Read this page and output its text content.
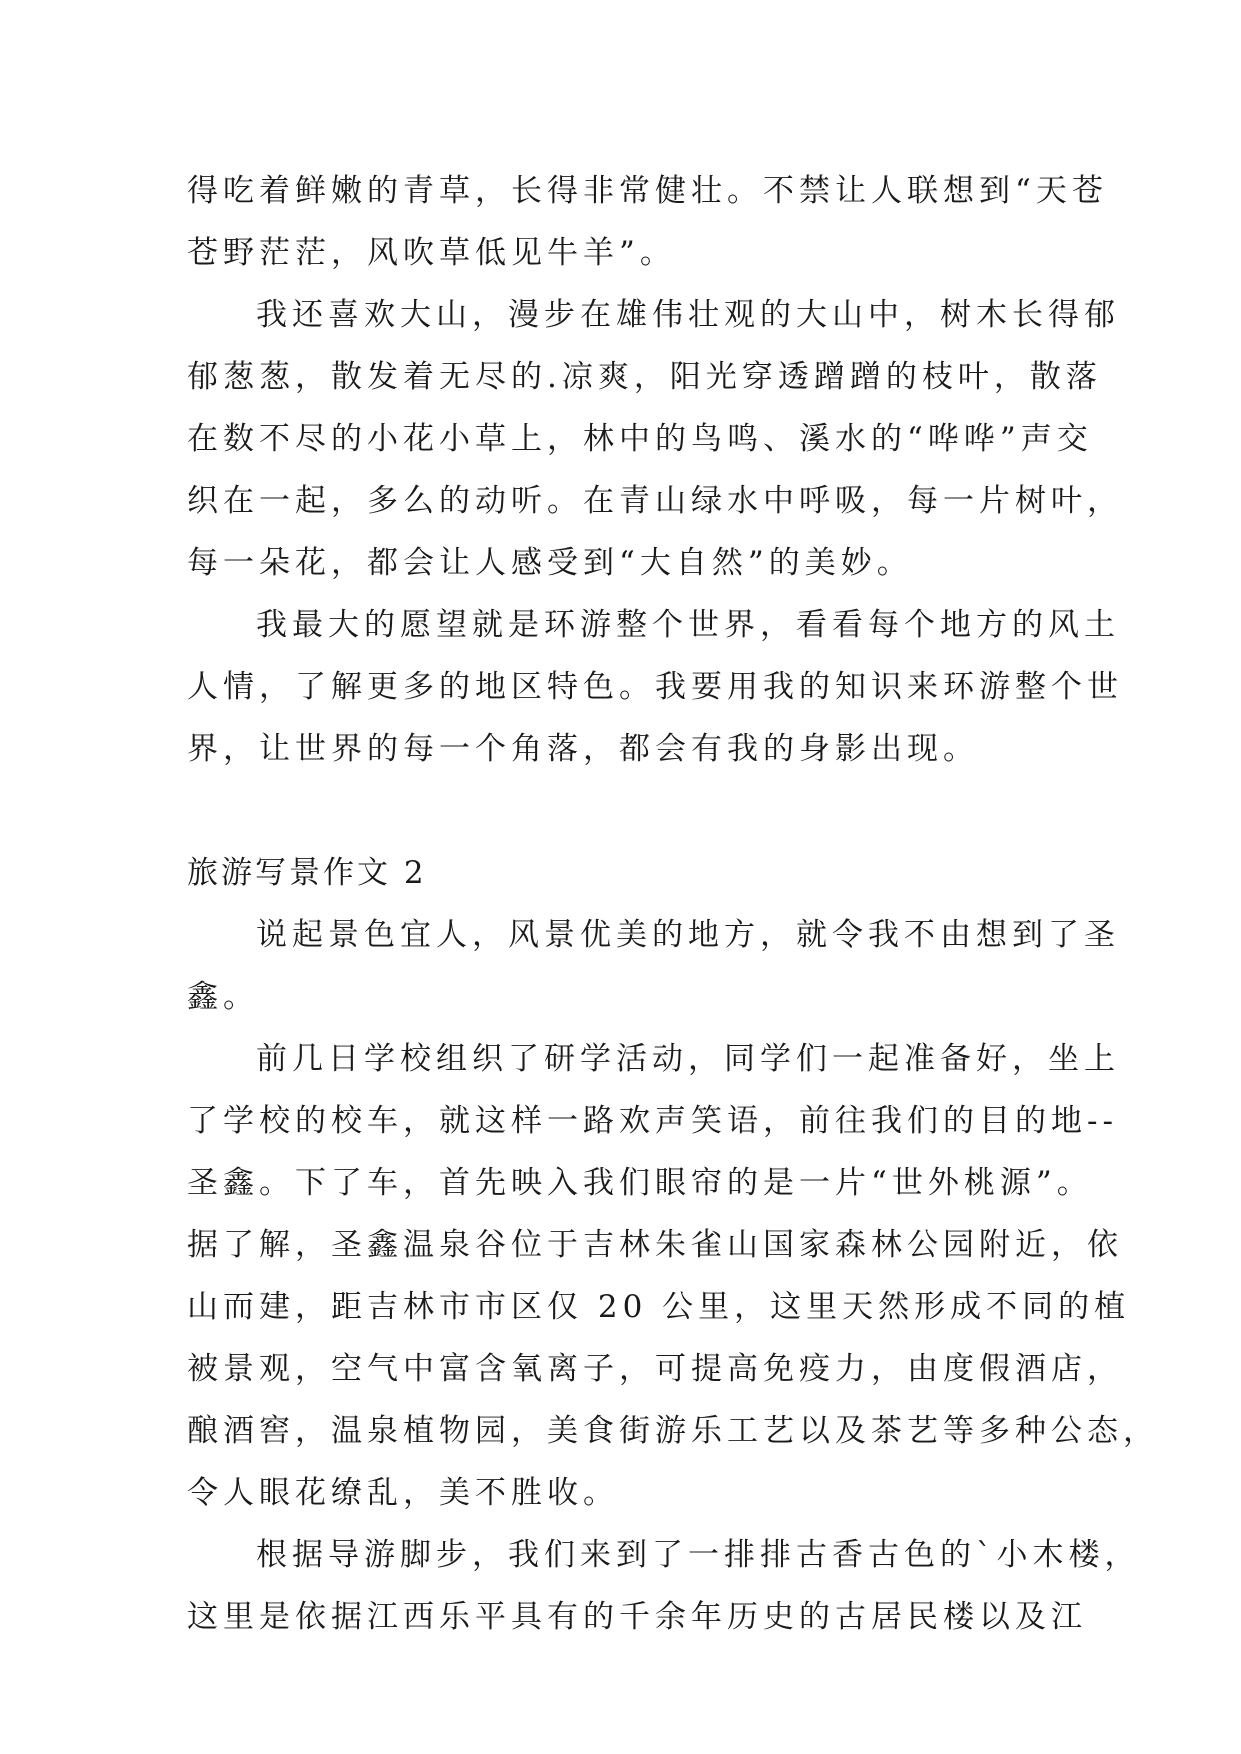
得吃着鲜嫩的青草，长得非常健壮。不禁让人联想到“天苍
苍野茫茫，风吹草低见牛羊”。
我还喜欢大山，漫步在雄伟壮观的大山中，树木长得郁
郁葱葱，散发着无尽的.凉爽，阳光穿透蹭蹭的枝叶，散落
在数不尽的小花小草上，林中的鸟鸣、溪水的“哗哗”声交
织在一起，多么的动听。在青山绿水中呼吸，每一片树叶，
每一朵花，都会让人感受到“大自然”的美妙。
我最大的愿望就是环游整个世界，看看每个地方的风土
人情，了解更多的地区特色。我要用我的知识来环游整个世
界，让世界的每一个角落，都会有我的身影出现。
旅游写景作文 2
说起景色宜人，风景优美的地方，就令我不由想到了圣
鑫。
前几日学校组织了研学活动，同学们一起准备好，坐上
了学校的校车，就这样一路欢声笑语，前往我们的目的地--
圣鑫。下了车，首先映入我们眼帘的是一片“世外桃源”。
据了解，圣鑫温泉谷位于吉林朱雀山国家森林公园附近，依
山而建，距吉林市市区仅 20 公里，这里天然形成不同的植
被景观，空气中富含氧离子，可提高免疫力，由度假酒店，
酿酒窖，温泉植物园，美食街游乐工艺以及茶艺等多种公态，
令人眼花缭乱，美不胜收。
根据导游脚步，我们来到了一排排古香古色的`小木楼，
这里是依据江西乐平具有的千余年历史的古居民楼以及江
